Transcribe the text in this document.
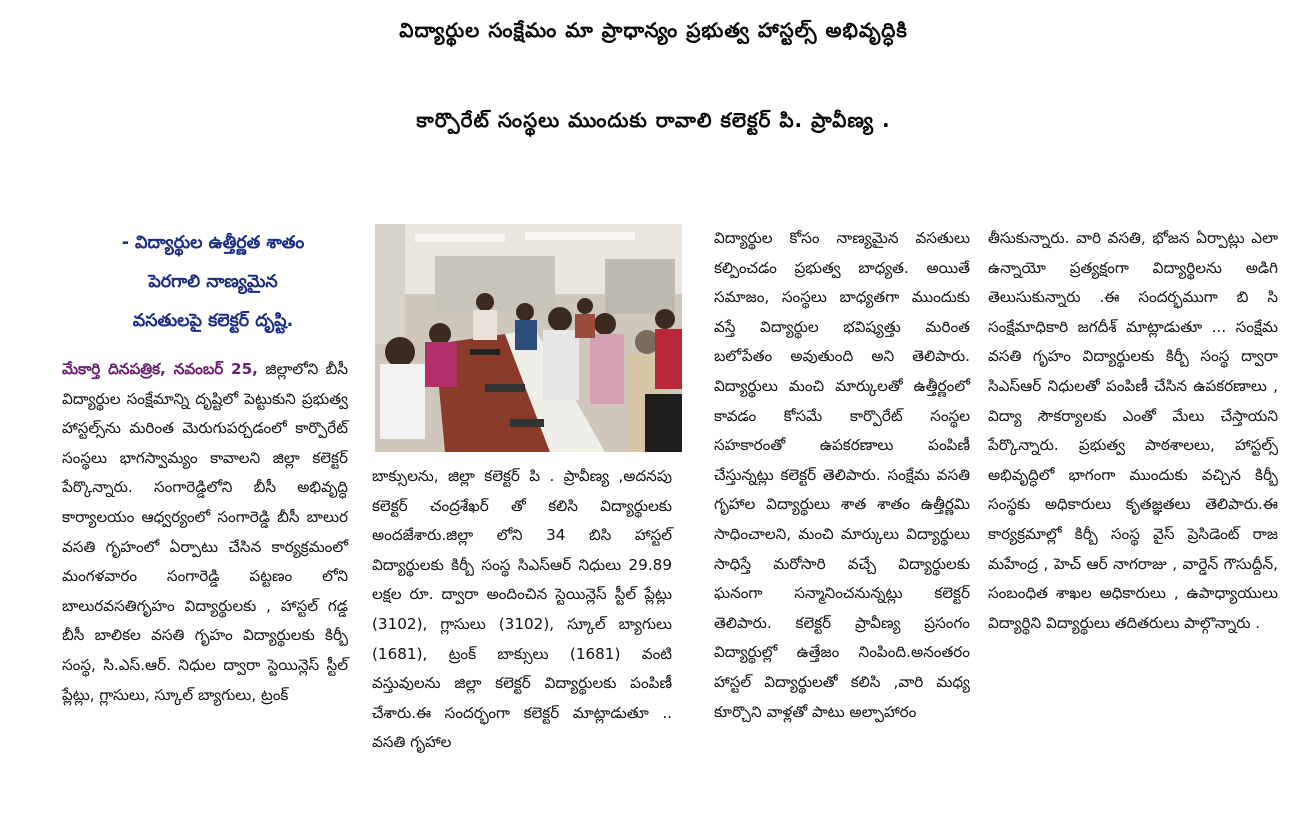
విద్యార్థుల సంక్షేమం మా ప్రాధాన్యం ప్రభుత్వ హాస్టల్స్ అభివృద్ధికి
కార్పొరేట్ సంస్థలు ముందుకు రావాలి కలెక్టర్ పి. ప్రావీణ్య .
- విద్యార్థుల ఉత్తీర్ణత శాతం
పెరగాలి నాణ్యమైన
వసతులపై కలెక్టర్ దృష్టి.

మేకార్తి దినపత్రిక, నవంబర్ 25, జిల్లాలోని బీసీ విద్యార్థుల సంక్షేమాన్ని దృష్టిలో పెట్టుకుని ప్రభుత్వ హాస్టల్స్‌ను మరింత మెరుగుపర్చడంలో కార్పొరేట్ సంస్థలు భాగస్వామ్యం కావాలని జిల్లా కలెక్టర్ పేర్కొన్నారు. సంగారెడ్డిలోని బీసీ అభివృద్ధి కార్యాలయం ఆధ్వర్యంలో సంగారెడ్డి బీసీ బాలుర వసతి గృహంలో ఏర్పాటు చేసిన కార్యక్రమంలో మంగళవారం సంగారెడ్డి పట్టణం లోని బాలురవసతిగృహం విద్యార్థులకు , హాస్టల్ గడ్డ బీసీ బాలికల వసతి గృహం విద్యార్థులకు కిర్బీ సంస్థ, సి.ఎస్.ఆర్. నిధుల ద్వారా స్టెయిన్లెస్ స్టీల్ ప్లేట్లు, గ్లాసులు, స్కూల్ బ్యాగులు, ట్రంక్

బాక్సులను, జిల్లా కలెక్టర్ పి . ప్రావీణ్య ,అదనపు కలెక్టర్ చంద్రశేఖర్ తో కలిసి విద్యార్థులకు అందజేశారు.జిల్లా లోని 34 బిసి హాస్టల్ విద్యార్థులకు కిర్బీ సంస్థ సిఎస్ఆర్ నిధులు 29.89 లక్షల రూ. ద్వారా అందించిన స్టెయిన్లెస్ స్టీల్ ప్లేట్లు (3102), గ్లాసులు (3102), స్కూల్ బ్యాగులు (1681), ట్రంక్ బాక్సులు (1681) వంటి వస్తువులను జిల్లా కలెక్టర్ విద్యార్థులకు పంపిణీ చేశారు.ఈ సందర్భంగా కలెక్టర్ మాట్లాడుతూ .. వసతి గృహాల

విద్యార్థుల కోసం నాణ్యమైన వసతులు కల్పించడం ప్రభుత్వ బాధ్యత. అయితే సమాజం, సంస్థలు బాధ్యతగా ముందుకు వస్తే విద్యార్థుల భవిష్యత్తు మరింత బలోపేతం అవుతుంది అని తెలిపారు. విద్యార్థులు మంచి మార్కులతో ఉత్తీర్ణంలో కావడం కోసమే కార్పొరేట్ సంస్థల సహకారంతో ఉపకరణాలు పంపిణీ చేస్తున్నట్లు కలెక్టర్ తెలిపారు. సంక్షేమ వసతి గృహాల విద్యార్థులు శాత శాతం ఉత్తీర్ణమి సాధించాలని, మంచి మార్కులు విద్యార్థులు సాధిస్తే మరోసారి వచ్చే విద్యార్థులకు ఘనంగా సన్మానించనున్నట్లు కలెక్టర్ తెలిపారు. కలెక్టర్ ప్రావీణ్య ప్రసంగం విద్యార్థుల్లో ఉత్తేజం నింపింది.అనంతరం హాస్టల్ విద్యార్థులతో కలిసి ,వారి మధ్య కూర్చొని వాళ్లతో పాటు అల్పాహారం

తీసుకున్నారు. వారి వసతి, భోజన ఏర్పాట్లు ఎలా ఉన్నాయో ప్రత్యక్షంగా విద్యార్థిలను అడిగి తెలుసుకున్నారు .ఈ సందర్భముగా బి సి సంక్షేమాధికారి జగదీశ్ మాట్లాడుతూ ... సంక్షేమ వసతి గృహం విద్యార్థులకు కిర్బీ సంస్థ ద్వారా సిఎస్ఆర్ నిధులతో పంపిణీ చేసిన ఉపకరణాలు , విద్యా సౌకర్యాలకు ఎంతో మేలు చేస్తాయని పేర్కొన్నారు. ప్రభుత్వ పాఠశాలలు, హాస్టల్స్ అభివృద్ధిలో భాగంగా ముందుకు వచ్చిన కిర్బీ సంస్థకు అధికారులు కృతజ్ఞతలు తెలిపారు.ఈ కార్యక్రమాల్లో కిర్బీ సంస్థ వైస్ ప్రెసిడెంట్ రాజ మహేంద్ర , హెచ్ ఆర్ నాగరాజు , వార్డెన్ గౌసుద్దీన్, సంబంధిత శాఖల అధికారులు , ఉపాధ్యాయులు విద్యార్థిని విద్యార్థులు తదితరులు పాల్గొన్నారు .
